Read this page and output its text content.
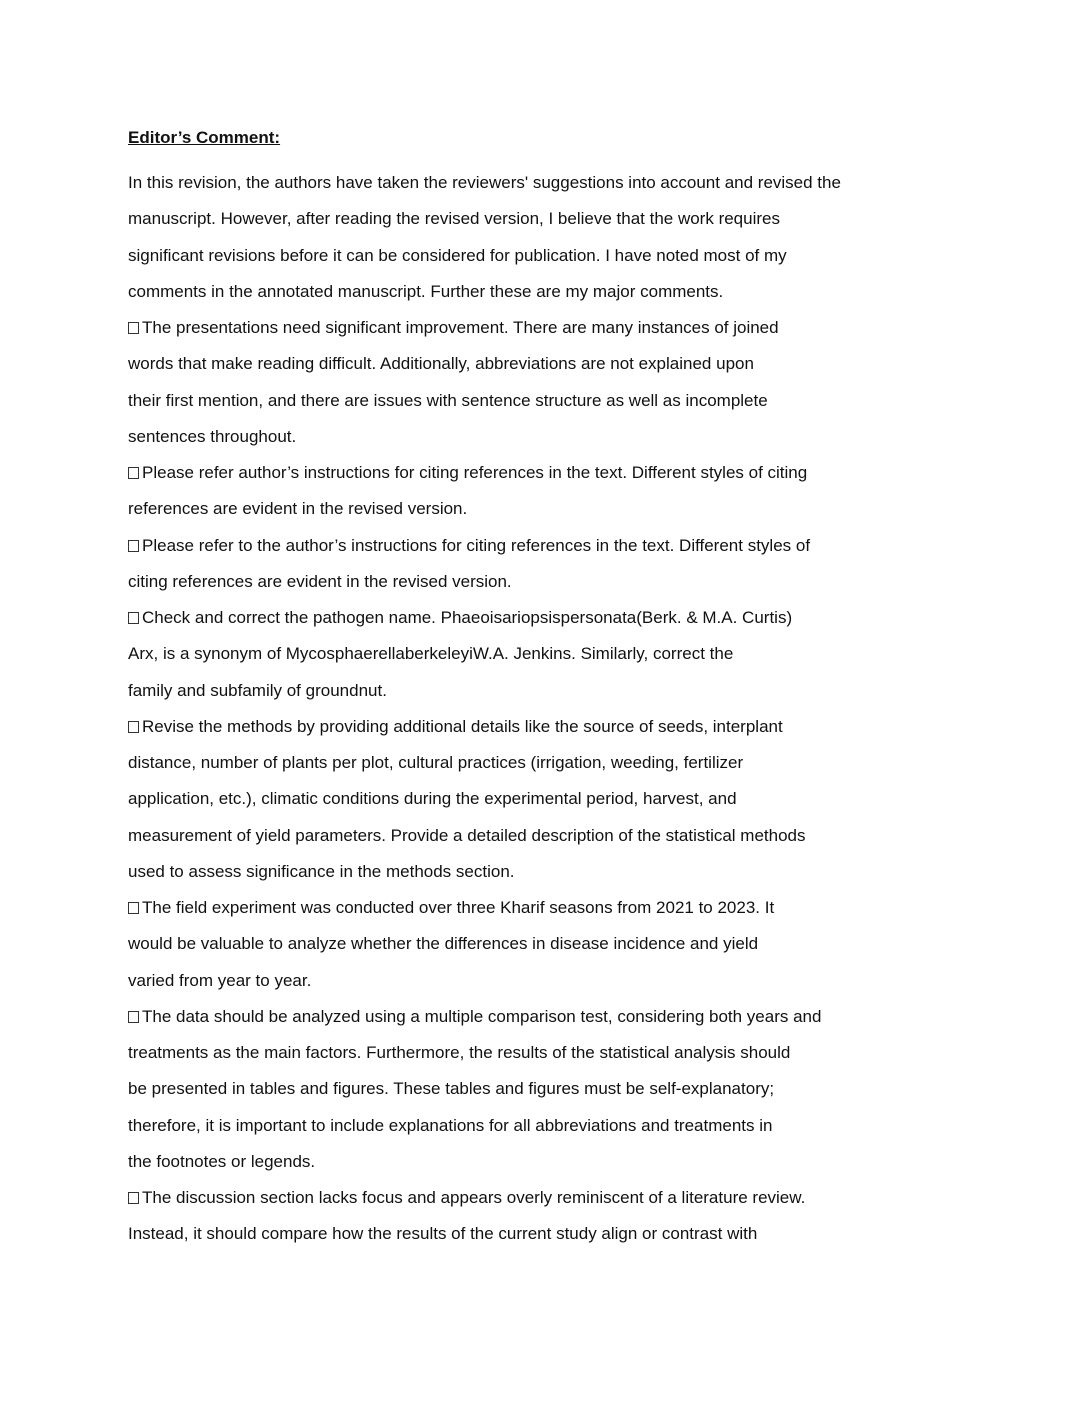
Editor’s Comment:
In this revision, the authors have taken the reviewers' suggestions into account and revised the
manuscript. However, after reading the revised version, I believe that the work requires
significant revisions before it can be considered for publication. I have noted most of my
comments in the annotated manuscript. Further these are my major comments.
The presentations need significant improvement. There are many instances of joined
words that make reading difficult. Additionally, abbreviations are not explained upon
their first mention, and there are issues with sentence structure as well as incomplete
sentences throughout.
Please refer author’s instructions for citing references in the text. Different styles of citing
references are evident in the revised version.
Please refer to the author’s instructions for citing references in the text. Different styles of
citing references are evident in the revised version.
Check and correct the pathogen name. Phaeoisariopsispersonata(Berk. & M.A. Curtis)
Arx, is a synonym of MycosphaerellaberkeleyiW.A. Jenkins. Similarly, correct the
family and subfamily of groundnut.
Revise the methods by providing additional details like the source of seeds, interplant
distance, number of plants per plot, cultural practices (irrigation, weeding, fertilizer
application, etc.), climatic conditions during the experimental period, harvest, and
measurement of yield parameters. Provide a detailed description of the statistical methods
used to assess significance in the methods section.
The field experiment was conducted over three Kharif seasons from 2021 to 2023. It
would be valuable to analyze whether the differences in disease incidence and yield
varied from year to year.
The data should be analyzed using a multiple comparison test, considering both years and
treatments as the main factors. Furthermore, the results of the statistical analysis should
be presented in tables and figures. These tables and figures must be self-explanatory;
therefore, it is important to include explanations for all abbreviations and treatments in
the footnotes or legends.
The discussion section lacks focus and appears overly reminiscent of a literature review.
Instead, it should compare how the results of the current study align or contrast with
